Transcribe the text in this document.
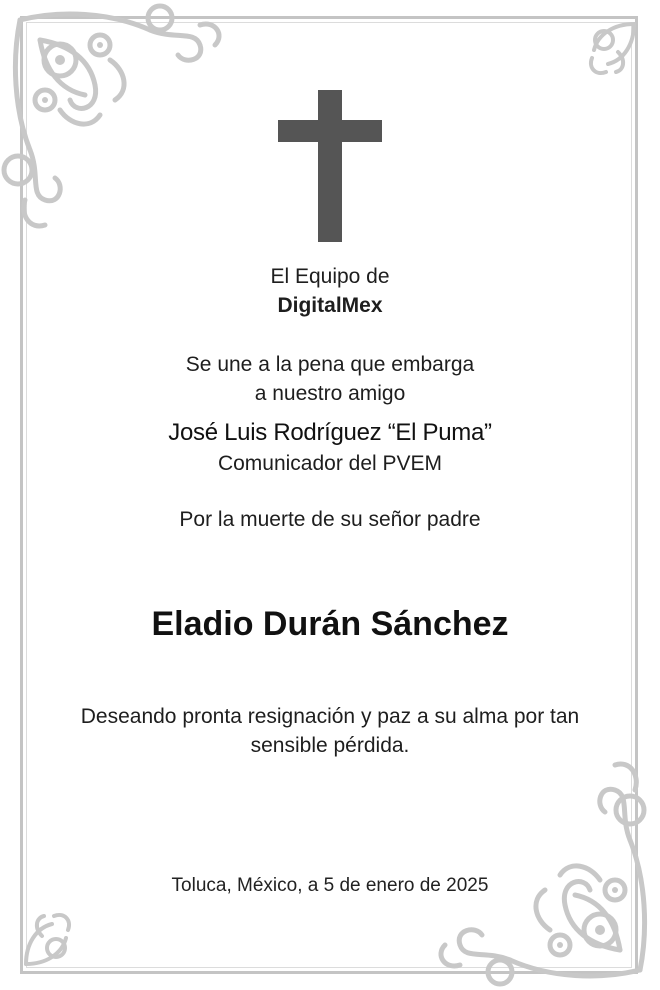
El Equipo de
DigitalMex
Se une a la pena que embarga
a nuestro amigo
José Luis Rodríguez “El Puma”
Comunicador del PVEM
Por la muerte de su señor padre
Eladio Durán Sánchez
Deseando pronta resignación y paz a su alma por tan
sensible pérdida.
Toluca, México, a 5 de enero de 2025
